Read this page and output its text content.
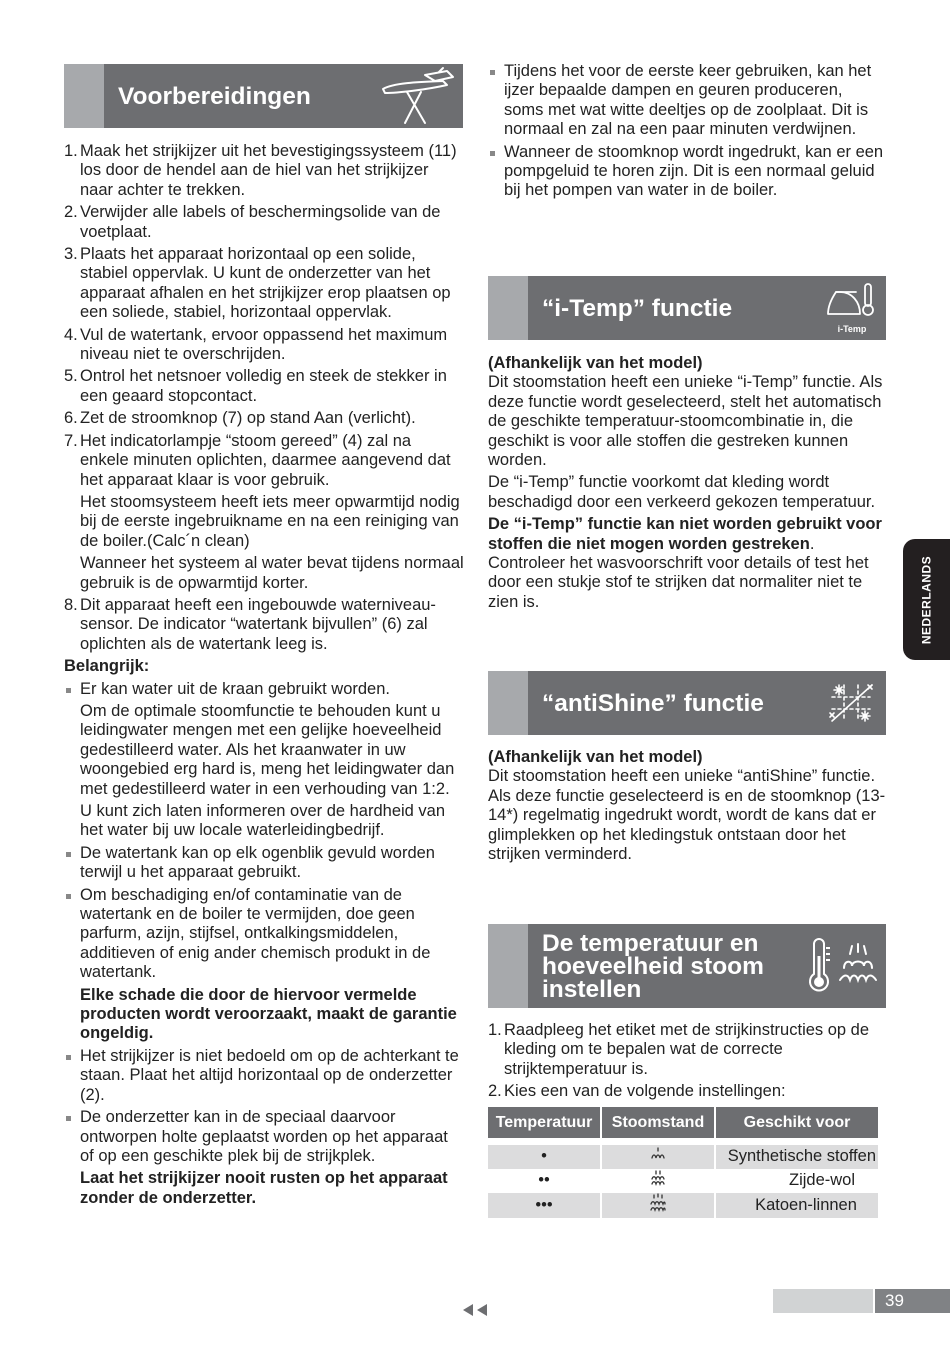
Voorbereidingen
1. Maak het strijkijzer uit het bevestigingssysteem (11) los door de hendel aan de hiel van het strijkijzer naar achter te trekken.
2. Verwijder alle labels of beschermingsolide van de voetplaat.
3. Plaats het apparaat horizontaal op een solide, stabiel oppervlak. U kunt de onderzetter van het apparaat afhalen en het strijkijzer erop plaatsen op een soliede, stabiel, horizontaal oppervlak.
4. Vul de watertank, ervoor oppassend het maximum niveau niet te overschrijden.
5. Ontrol het netsnoer volledig en steek de stekker in een geaard stopcontact.
6. Zet de stroomknop (7) op stand Aan (verlicht).
7. Het indicatorlampje “stoom gereed” (4) zal na enkele minuten oplichten, daarmee aangevend dat het apparaat klaar is voor gebruik.

Het stoomsysteem heeft iets meer opwarmtijd nodig bij de eerste ingebruikname en na een reiniging van de boiler.(Calc´n clean)

Wanneer het systeem al water bevat tijdens normaal gebruik is de opwarmtijd korter.

8. Dit apparaat heeft een ingebouwde waterniveau-sensor. De indicator “watertank bijvullen” (6) zal oplichten als de watertank leeg is.

Belangrijk:

Er kan water uit de kraan gebruikt worden.

Om de optimale stoomfunctie te behouden kunt u leidingwater mengen met een gelijke hoeveelheid gedestilleerd water. Als het kraanwater in uw woongebied erg hard is, meng het leidingwater dan met gedestilleerd water in een verhouding van 1:2.

U kunt zich laten informeren over de hardheid van het water bij uw locale waterleidingbedrijf.

De watertank kan op elk ogenblik gevuld worden terwijl u het apparaat gebruikt.
Om beschadiging en/of contaminatie van de watertank en de boiler te vermijden, doe geen parfurm, azijn, stijfsel, ontkalkingsmiddelen, additieven of enig ander chemisch produkt in de watertank.

Elke schade die door de hiervoor vermelde producten wordt veroorzaakt, maakt de garantie ongeldig.

Het strijkijzer is niet bedoeld om op de achterkant te staan. Plaat het altijd horizontaal op de onderzetter (2).
De onderzetter kan in de speciaal daarvoor ontworpen holte geplaatst worden op het apparaat of op een geschikte plek bij de strijkplek.

Laat het strijkijzer nooit rusten op het apparaat zonder de onderzetter.

Tijdens het voor de eerste keer gebruiken, kan het ijzer bepaalde dampen en geuren produceren, soms met wat witte deeltjes op de zoolplaat. Dit is normaal en zal na een paar minuten verdwijnen.
Wanneer de stoomknop wordt ingedrukt, kan er een pompgeluid te horen zijn. Dit is een normaal geluid bij het pompen van water in de boiler.
“i-Temp” functie
i-Temp

(Afhankelijk van het model)

Dit stoomstation heeft een unieke “i-Temp” functie. Als deze functie wordt geselecteerd, stelt het automatisch de geschikte temperatuur-stoomcombinatie in, die geschikt is voor alle stoffen die gestreken kunnen worden.

De “i-Temp” functie voorkomt dat kleding wordt beschadigd door een verkeerd gekozen temperatuur.

De “i-Temp” functie kan niet worden gebruikt voor stoffen die niet mogen worden gestreken. Controleer het wasvoorschrift voor details of test het door een stukje stof te strijken dat normaliter niet te zien is.

“antiShine” functie

(Afhankelijk van het model)

Dit stoomstation heeft een unieke “antiShine” functie. Als deze functie geselecteerd is en de stoomknop (13-14*) regelmatig ingedrukt wordt, wordt de kans dat er glimplekken op het kledingstuk ontstaan door het strijken verminderd.

De temperatuur en
hoeveelheid stoom
instellen
1. Raadpleeg het etiket met de strijkinstructies op de kleding om te bepalen wat de correcte strijktemperatuur is.
2. Kies een van de volgende instellingen:
Temperatuur	Stoomstand	Geschikt voor

•		Synthetische stoffen
••		Zijde-wol
•••		Katoen-linnen
NEDERLANDS
39
